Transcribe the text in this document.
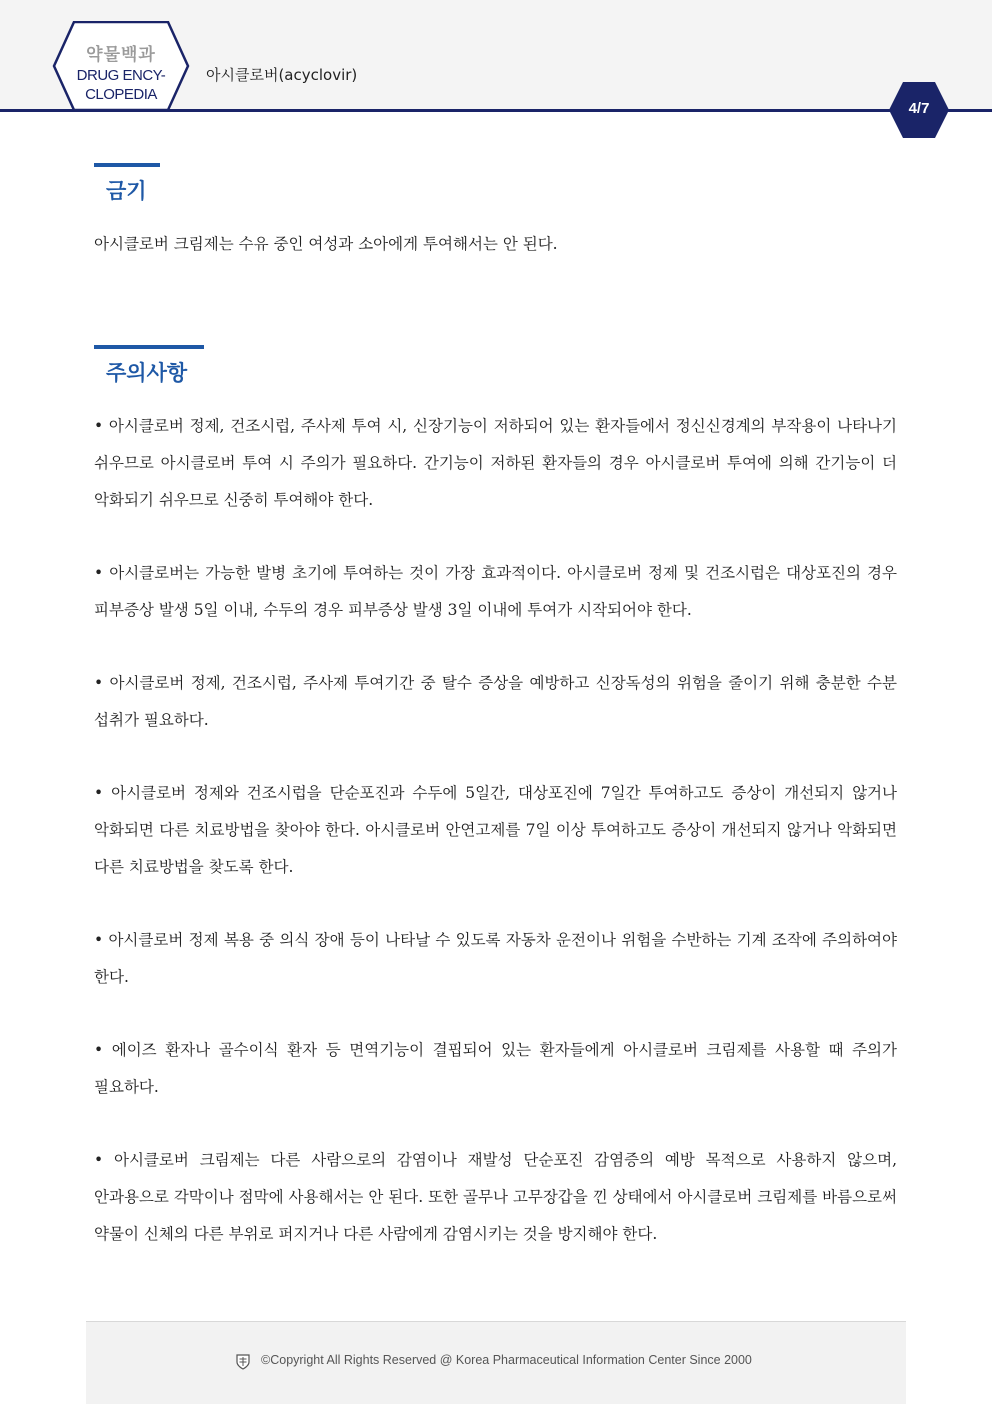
약물백과
DRUG ENCY-
CLOPEDIA
아시클로버(acyclovir)
4/7
금기

아시클로버 크림제는 수유 중인 여성과 소아에게 투여해서는 안 된다.

주의사항

• 아시클로버 정제, 건조시럽, 주사제 투여 시, 신장기능이 저하되어 있는 환자들에서 정신신경계의 부작용이 나타나기 쉬우므로 아시클로버 투여 시 주의가 필요하다. 간기능이 저하된 환자들의 경우 아시클로버 투여에 의해 간기능이 더 악화되기 쉬우므로 신중히 투여해야 한다.

• 아시클로버는 가능한 발병 초기에 투여하는 것이 가장 효과적이다. 아시클로버 정제 및 건조시럽은 대상포진의 경우 피부증상 발생 5일 이내, 수두의 경우 피부증상 발생 3일 이내에 투여가 시작되어야 한다.

• 아시클로버 정제, 건조시럽, 주사제 투여기간 중 탈수 증상을 예방하고 신장독성의 위험을 줄이기 위해 충분한 수분 섭취가 필요하다.

• 아시클로버 정제와 건조시럽을 단순포진과 수두에 5일간, 대상포진에 7일간 투여하고도 증상이 개선되지 않거나 악화되면 다른 치료방법을 찾아야 한다. 아시클로버 안연고제를 7일 이상 투여하고도 증상이 개선되지 않거나 악화되면 다른 치료방법을 찾도록 한다.

• 아시클로버 정제 복용 중 의식 장애 등이 나타날 수 있도록 자동차 운전이나 위험을 수반하는 기계 조작에 주의하여야 한다.

• 에이즈 환자나 골수이식 환자 등 면역기능이 결핍되어 있는 환자들에게 아시클로버 크림제를 사용할 때 주의가 필요하다.

• 아시클로버 크림제는 다른 사람으로의 감염이나 재발성 단순포진 감염증의 예방 목적으로 사용하지 않으며, 안과용으로 각막이나 점막에 사용해서는 안 된다. 또한 골무나 고무장갑을 낀 상태에서 아시클로버 크림제를 바름으로써 약물이 신체의 다른 부위로 퍼지거나 다른 사람에게 감염시키는 것을 방지해야 한다.

©Copyright All Rights Reserved @ Korea Pharmaceutical Information Center Since 2000
